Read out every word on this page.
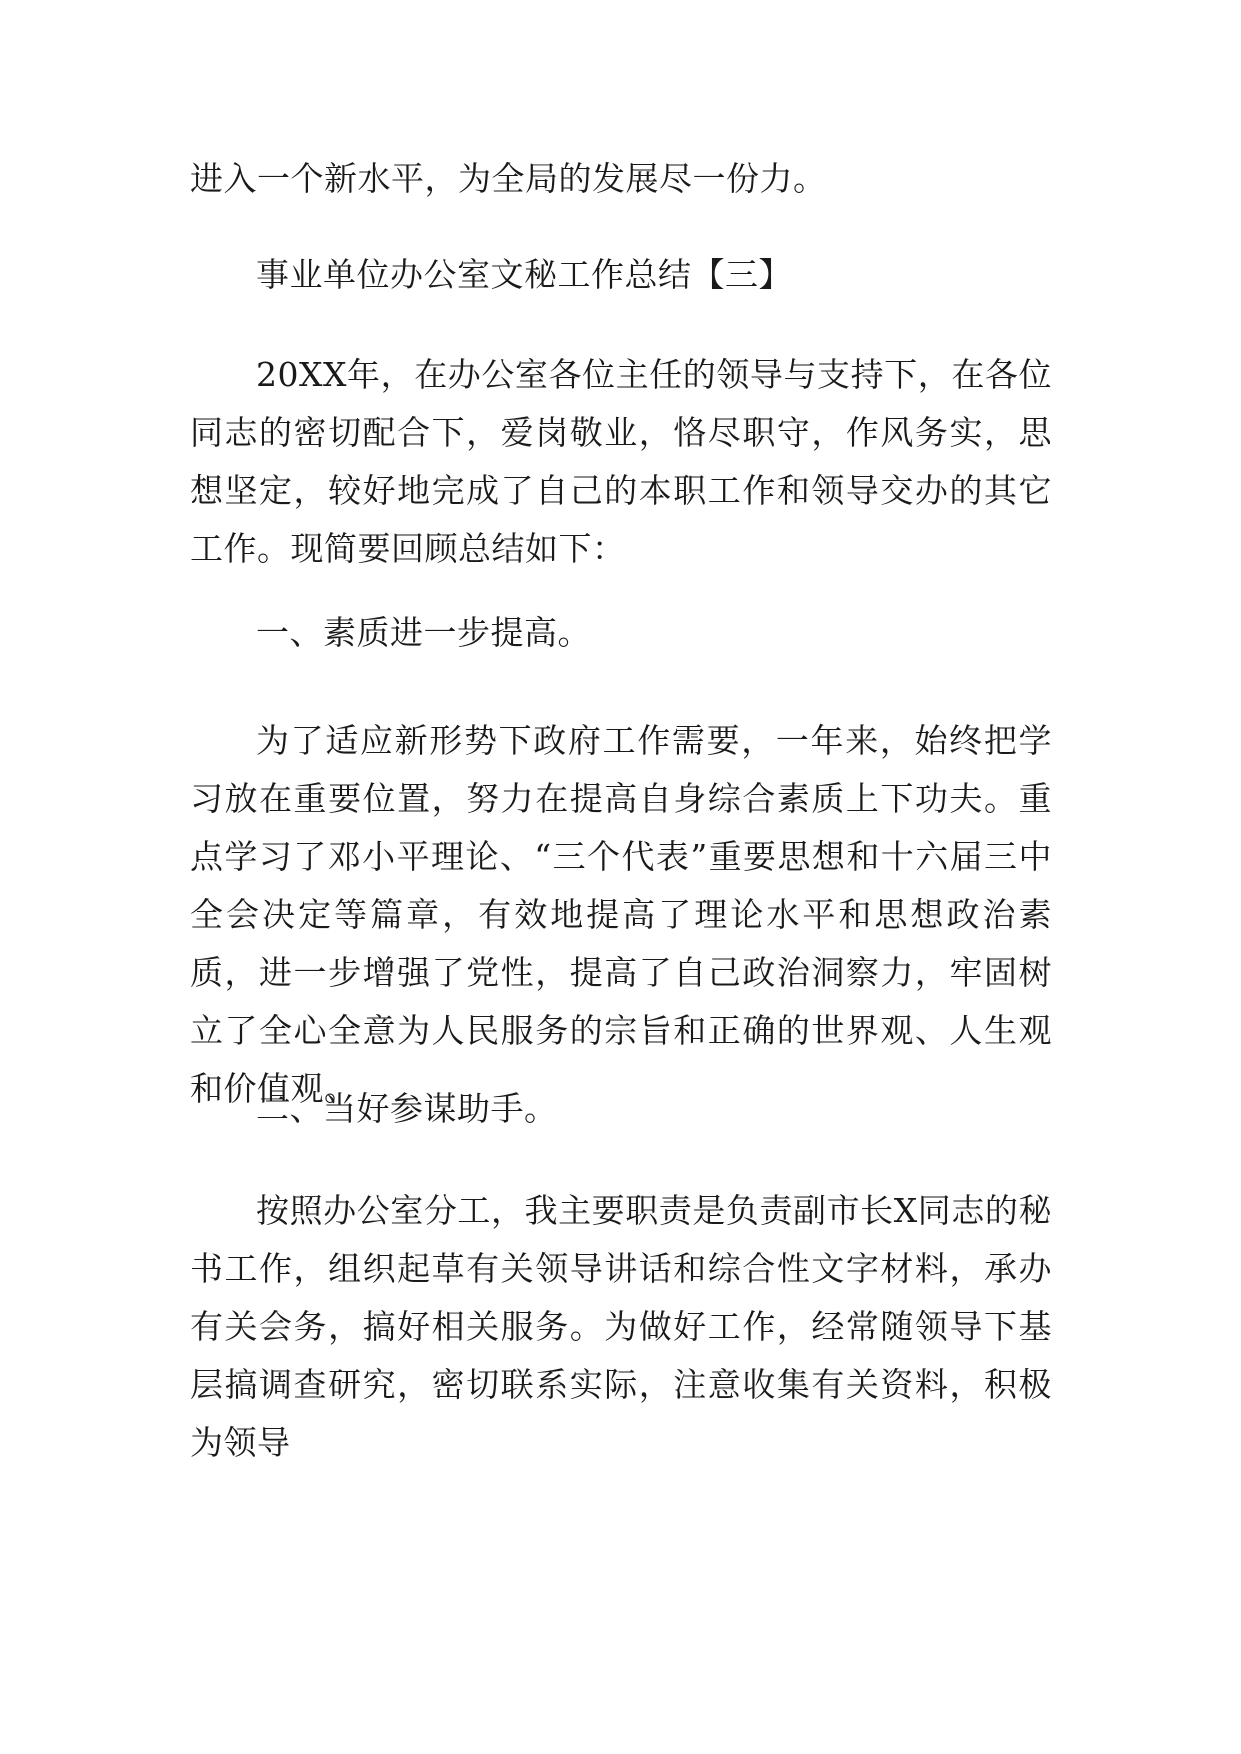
进入一个新水平，为全局的发展尽一份力。

事业单位办公室文秘工作总结【三】

20XX年，在办公室各位主任的领导与支持下，在各位同志的密切配合下，爱岗敬业，恪尽职守，作风务实，思想坚定，较好地完成了自己的本职工作和领导交办的其它工作。现简要回顾总结如下：

一、素质进一步提高。

为了适应新形势下政府工作需要，一年来，始终把学习放在重要位置，努力在提高自身综合素质上下功夫。重点学习了邓小平理论、“三个代表”重要思想和十六届三中全会决定等篇章，有效地提高了理论水平和思想政治素质，进一步增强了党性，提高了自己政治洞察力，牢固树立了全心全意为人民服务的宗旨和正确的世界观、人生观和价值观。

二、当好参谋助手。

按照办公室分工，我主要职责是负责副市长X同志的秘书工作，组织起草有关领导讲话和综合性文字材料，承办有关会务，搞好相关服务。为做好工作，经常随领导下基层搞调查研究，密切联系实际，注意收集有关资料，积极为领导
